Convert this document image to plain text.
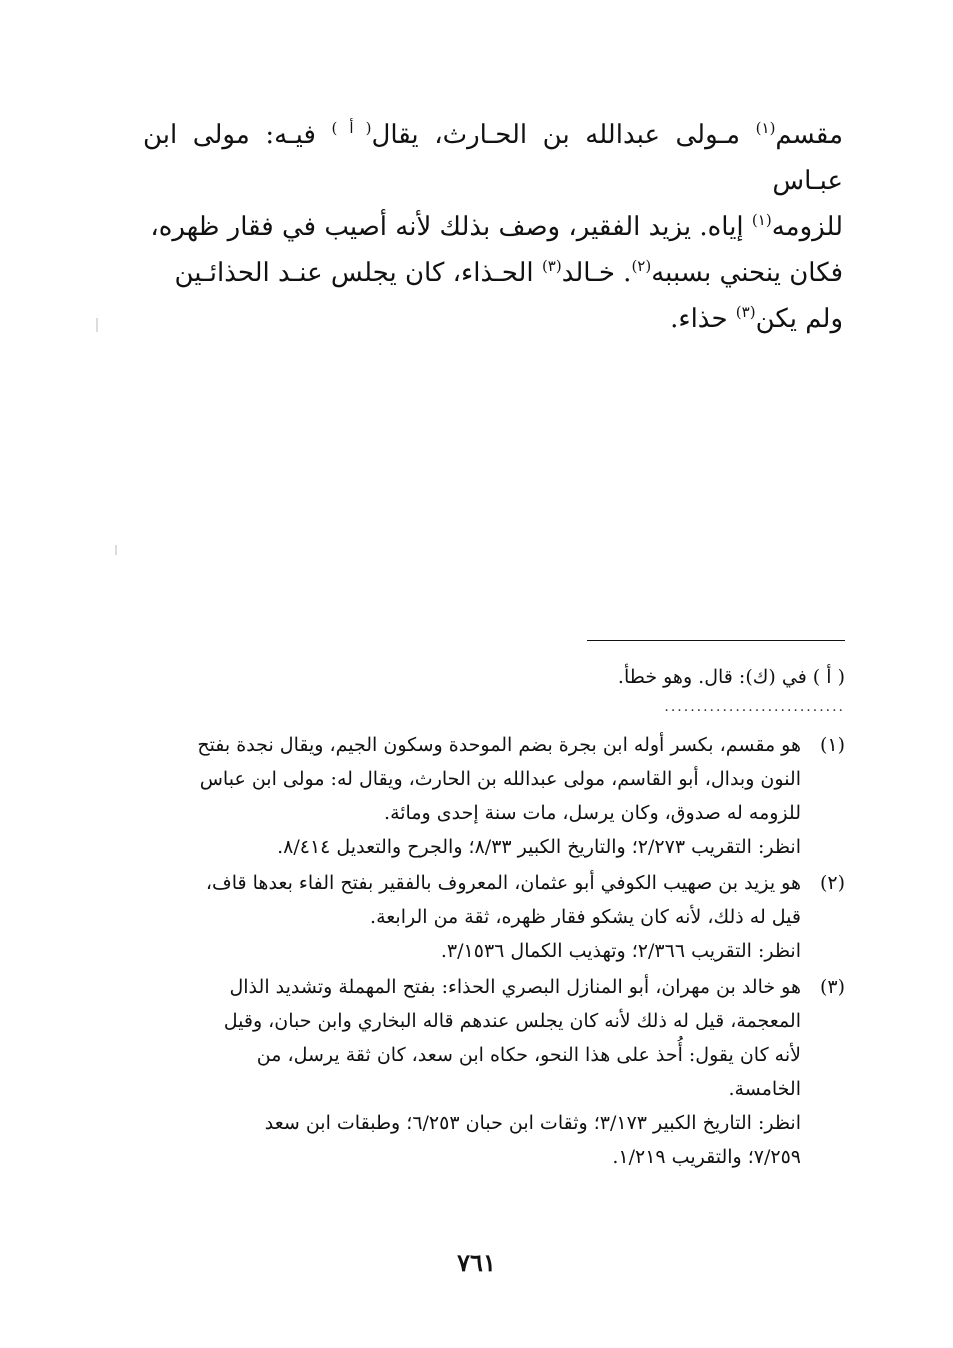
مقسم$^{(١)}$ مـولى عبدالله بن الحـارث، يقال$^{( أ )}$ فيـه: مولى ابن عبـاس

للزومه$^{(١)}$ إياه. يزيد الفقير، وصف بذلك لأنه أصيب في فقار ظهره،

فكان ينحني بسببه$^{(٢)}$. خـالد$^{(٣)}$ الحـذاء، كان يجلس عنـد الحذائـين

ولم يكن$^{(٣)}$ حذاء.

( أ ) في (ك): قال. وهو خطأ.

............................
(١)

هو مقسم، بكسر أوله ابن بجرة بضم الموحدة وسكون الجيم، ويقال نجدة بفتح

النون وبدال، أبو القاسم، مولى عبدالله بن الحارث، ويقال له: مولى ابن عباس

للزومه له صدوق، وكان يرسل، مات سنة إحدى ومائة.

انظر: التقريب ٢/٢٧٣؛ والتاريخ الكبير ٨/٣٣؛ والجرح والتعديل ٨/٤١٤.

(٢)

هو يزيد بن صهيب الكوفي أبو عثمان، المعروف بالفقير بفتح الفاء بعدها قاف،

قيل له ذلك، لأنه كان يشكو فقار ظهره، ثقة من الرابعة.

انظر: التقريب ٢/٣٦٦؛ وتهذيب الكمال ٣/١٥٣٦.

(٣)

هو خالد بن مهران، أبو المنازل البصري الحذاء: بفتح المهملة وتشديد الذال

المعجمة، قيل له ذلك لأنه كان يجلس عندهم قاله البخاري وابن حبان، وقيل

لأنه كان يقول: أُحذ على هذا النحو، حكاه ابن سعد، كان ثقة يرسل، من

الخامسة.

انظر: التاريخ الكبير ٣/١٧٣؛ وثقات ابن حبان ٦/٢٥٣؛ وطبقات ابن سعد

٧/٢٥٩؛ والتقريب ١/٢١٩.

٧٦١
